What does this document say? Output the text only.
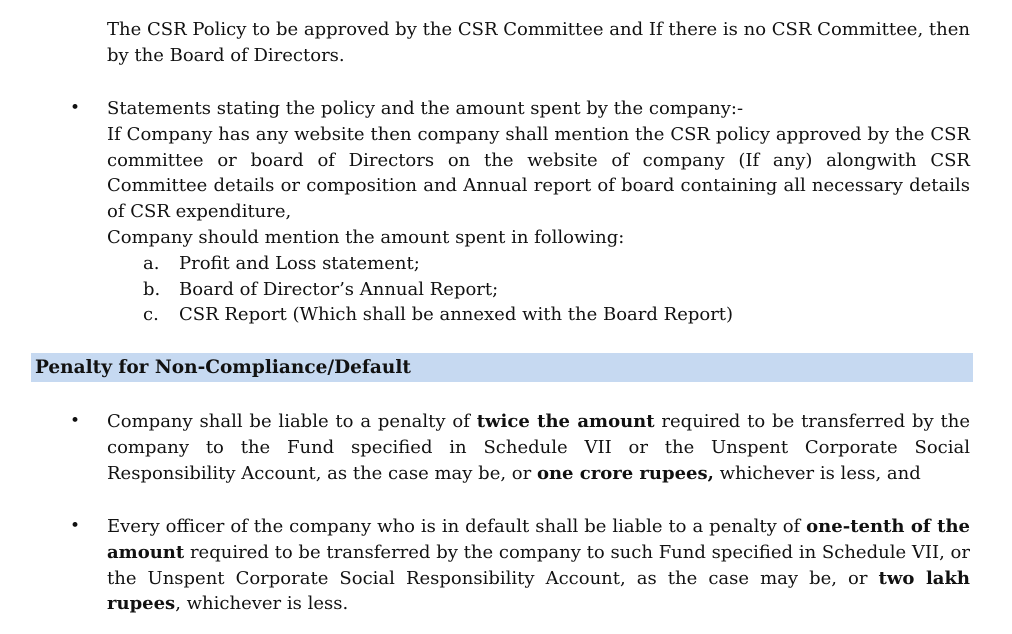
The CSR Policy to be approved by the CSR Committee and If there is no CSR Committee, then by the Board of Directors.

• Statements stating the policy and the amount spent by the company:-
If Company has any website then company shall mention the CSR policy approved by the CSR committee or board of Directors on the website of company (If any) alongwith CSR Committee details or composition and Annual report of board containing all necessary details of CSR expenditure,
Company should mention the amount spent in following:
a. Profit and Loss statement;
b. Board of Director’s Annual Report;
c. CSR Report (Which shall be annexed with the Board Report)
Penalty for Non-Compliance/Default
• Company shall be liable to a penalty of twice the amount required to be transferred by the company to the Fund specified in Schedule VII or the Unspent Corporate Social Responsibility Account, as the case may be, or one crore rupees, whichever is less, and

• Every officer of the company who is in default shall be liable to a penalty of one-tenth of the amount required to be transferred by the company to such Fund specified in Schedule VII, or the Unspent Corporate Social Responsibility Account, as the case may be, or two lakh rupees, whichever is less.
